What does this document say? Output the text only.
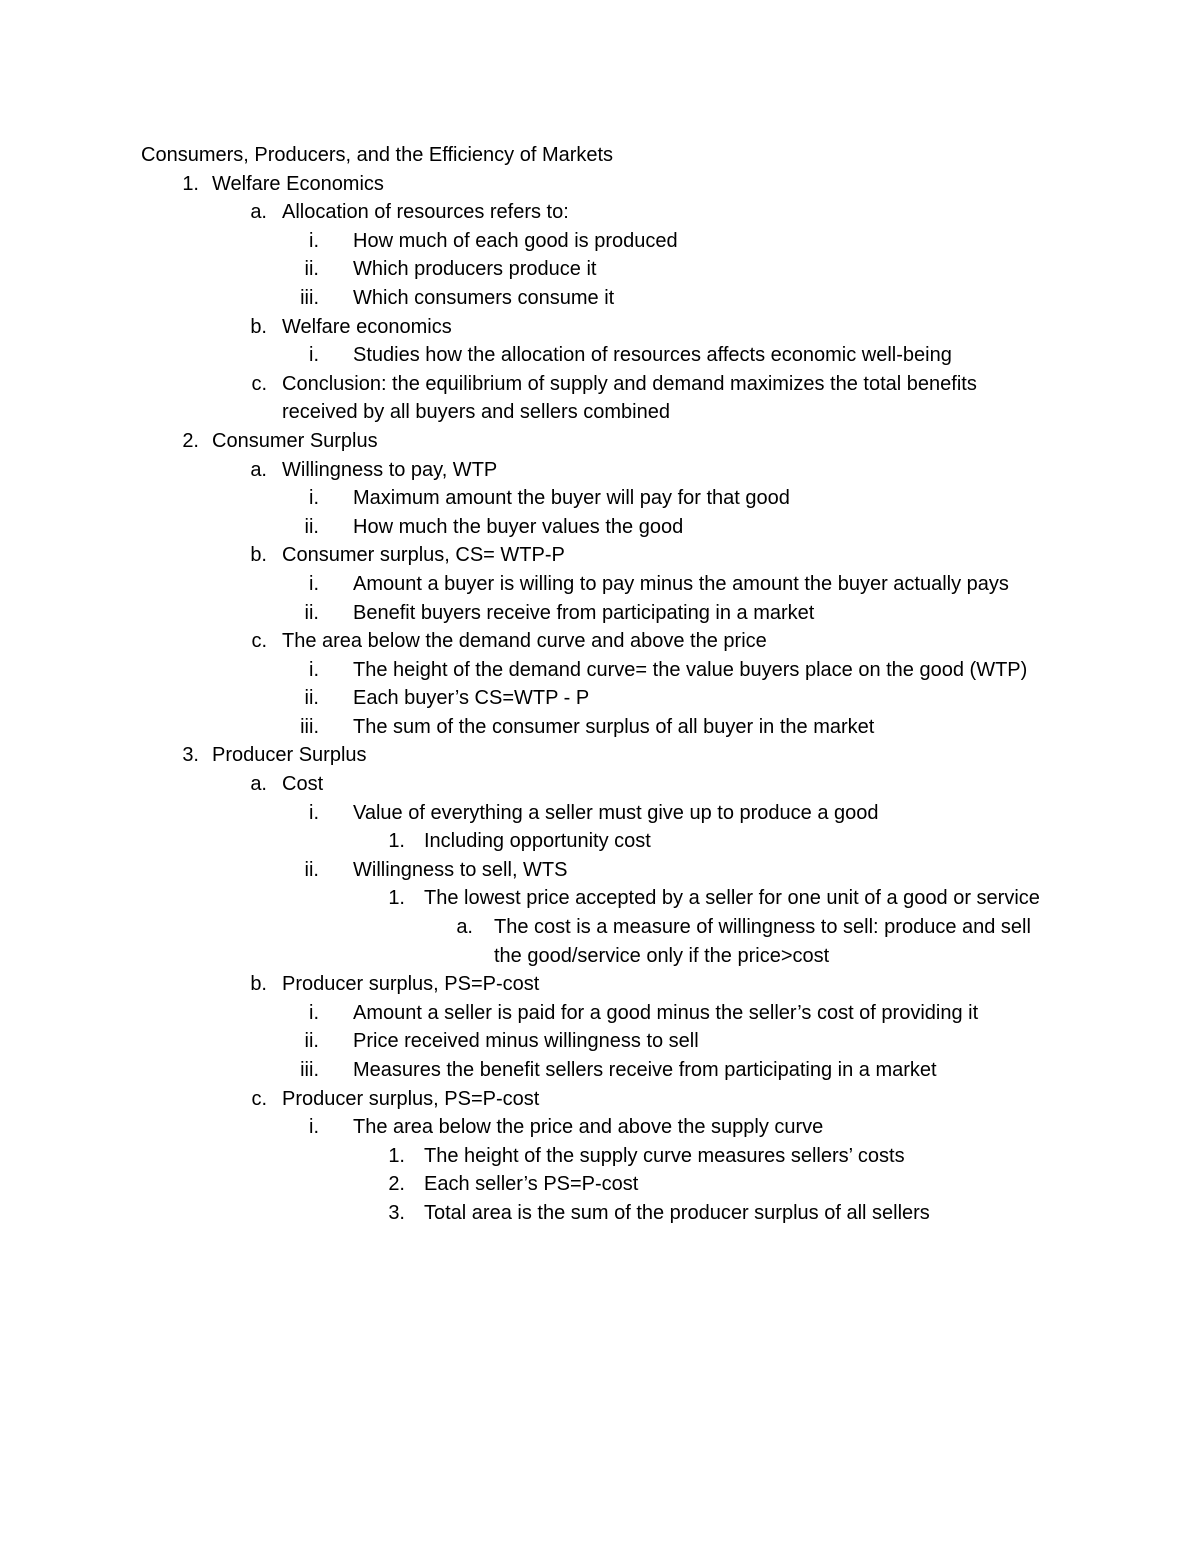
Consumers, Producers, and the Efficiency of Markets
1. Welfare Economics
a. Allocation of resources refers to:
i. How much of each good is produced
ii. Which producers produce it
iii. Which consumers consume it
b. Welfare economics
i. Studies how the allocation of resources affects economic well-being
c. Conclusion: the equilibrium of supply and demand maximizes the total benefits received by all buyers and sellers combined
2. Consumer Surplus
a. Willingness to pay, WTP
i. Maximum amount the buyer will pay for that good
ii. How much the buyer values the good
b. Consumer surplus, CS= WTP-P
i. Amount a buyer is willing to pay minus the amount the buyer actually pays
ii. Benefit buyers receive from participating in a market
c. The area below the demand curve and above the price
i. The height of the demand curve= the value buyers place on the good (WTP)
ii. Each buyer’s CS=WTP - P
iii. The sum of the consumer surplus of all buyer in the market
3. Producer Surplus
a. Cost
i. Value of everything a seller must give up to produce a good
1. Including opportunity cost
ii. Willingness to sell, WTS
1. The lowest price accepted by a seller for one unit of a good or service
a. The cost is a measure of willingness to sell: produce and sell the good/service only if the price>cost
b. Producer surplus, PS=P-cost
i. Amount a seller is paid for a good minus the seller’s cost of providing it
ii. Price received minus willingness to sell
iii. Measures the benefit sellers receive from participating in a market
c. Producer surplus, PS=P-cost
i. The area below the price and above the supply curve
1. The height of the supply curve measures sellers’ costs
2. Each seller’s PS=P-cost
3. Total area is the sum of the producer surplus of all sellers
